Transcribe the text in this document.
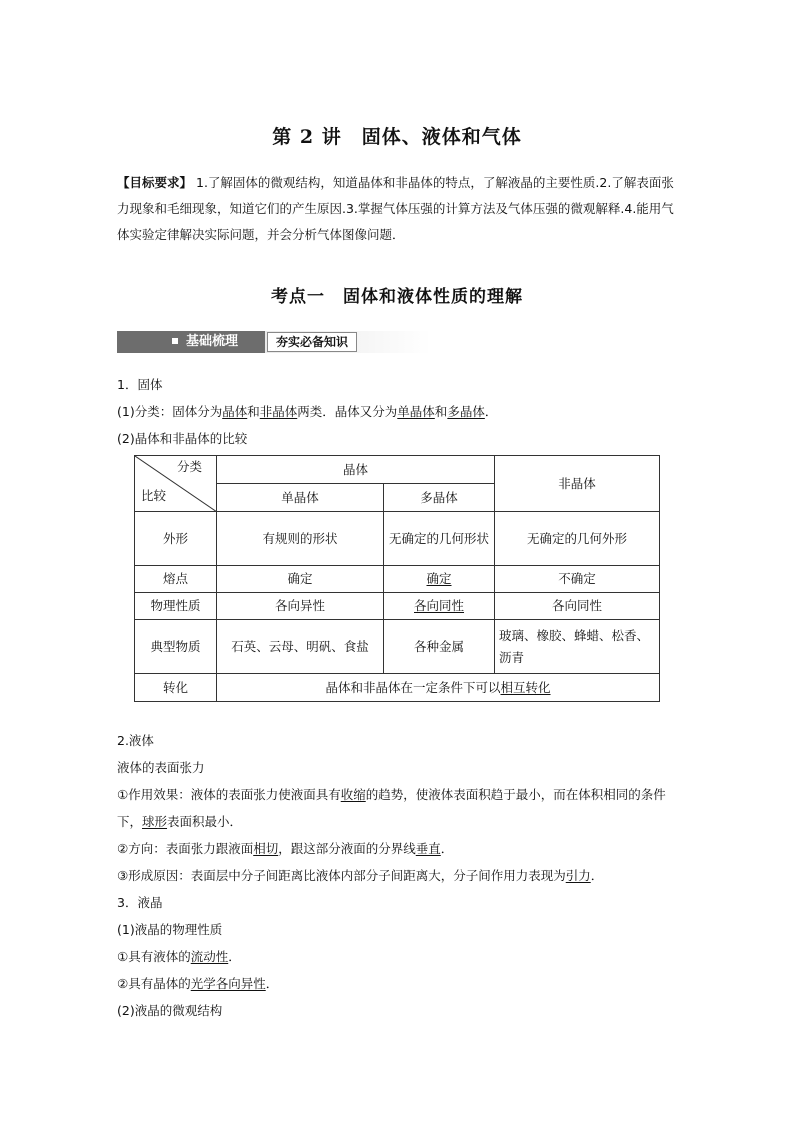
第 2 讲　固体、液体和气体
【目标要求】 1.了解固体的微观结构，知道晶体和非晶体的特点，了解液晶的主要性质.2.了解表面张力现象和毛细现象，知道它们的产生原因.3.掌握气体压强的计算方法及气体压强的微观解释.4.能用气体实验定律解决实际问题，并会分析气体图像问题．
考点一　固体和液体性质的理解
基础梳理	夯实必备知识
1．固体
(1)分类：固体分为晶体和非晶体两类．晶体又分为单晶体和多晶体．
(2)晶体和非晶体的比较
分类
比较	晶体		非晶体
	单晶体	多晶体	
外形	有规则的形状	无确定的几何形状	无确定的几何外形
熔点	确定	确定	不确定
物理性质	各向异性	各向同性	各向同性
典型物质	石英、云母、明矾、食盐	各种金属	玻璃、橡胶、蜂蜡、松香、沥青
转化	晶体和非晶体在一定条件下可以相互转化		
2.液体
液体的表面张力
①作用效果：液体的表面张力使液面具有收缩的趋势，使液体表面积趋于最小，而在体积相同的条件下，球形表面积最小．
②方向：表面张力跟液面相切，跟这部分液面的分界线垂直．
③形成原因：表面层中分子间距离比液体内部分子间距离大，分子间作用力表现为引力．
3．液晶
(1)液晶的物理性质
①具有液体的流动性．
②具有晶体的光学各向异性．
(2)液晶的微观结构
